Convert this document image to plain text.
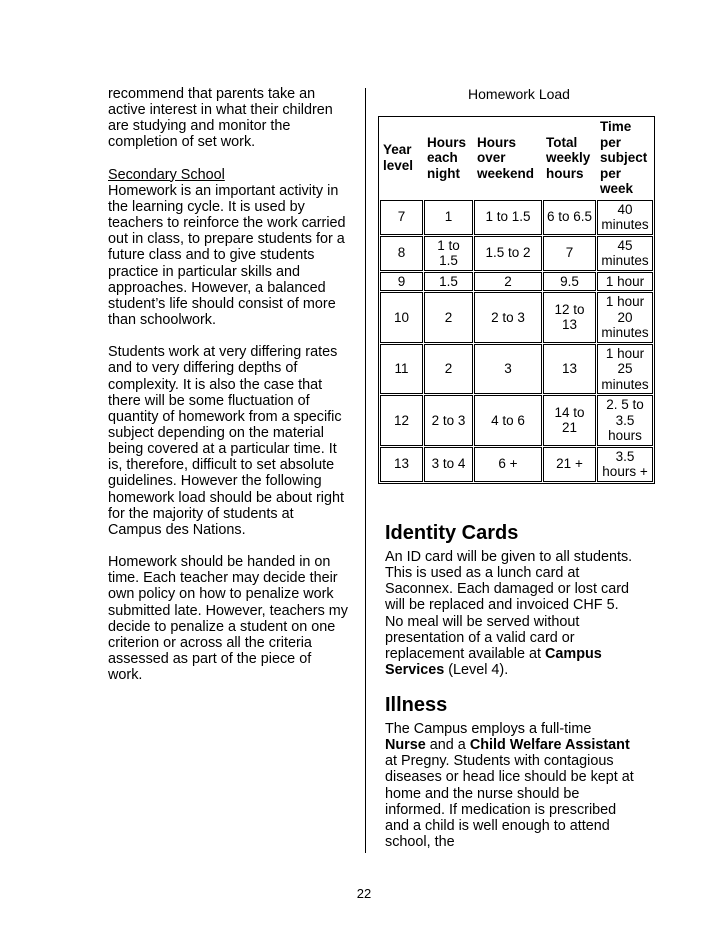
recommend that parents take an active interest in what their children are studying and monitor the completion of set work.

Secondary School

Homework is an important activity in the learning cycle. It is used by teachers to reinforce the work carried out in class, to prepare students for a future class and to give students practice in particular skills and approaches. However, a balanced student’s life should consist of more than schoolwork.

Students work at very differing rates and to very differing depths of complexity. It is also the case that there will be some fluctuation of quantity of homework from a specific subject depending on the material being covered at a particular time. It is, therefore, difficult to set absolute guidelines. However the following homework load should be about right for the majority of students at Campus des Nations.

Homework should be handed in on time. Each teacher may decide their own policy on how to penalize work submitted late. However, teachers my decide to penalize a student on one criterion or across all the criteria assessed as part of the piece of work.

Homework Load
Year level	Hours each night	Hours over weekend	Total weekly hours	Time per subject per week
7	1	1 to 1.5	6 to 6.5	40 minutes
8	1 to 1.5	1.5 to 2	7	45 minutes
9	1.5	2	9.5	1 hour
10	2	2 to 3	12 to 13	1 hour 20 minutes
11	2	3	13	1 hour 25 minutes
12	2 to 3	4 to 6	14 to 21	2. 5 to 3.5 hours
13	3 to 4	6 +	21 +	3.5 hours +
Identity Cards
An ID card will be given to all students. This is used as a lunch card at Saconnex. Each damaged or lost card will be replaced and invoiced CHF 5. No meal will be served without presentation of a valid card or replacement available at Campus Services (Level 4).
Illness
The Campus employs a full-time Nurse and a Child Welfare Assistant at Pregny. Students with contagious diseases or head lice should be kept at home and the nurse should be informed. If medication is prescribed and a child is well enough to attend school, the
22
